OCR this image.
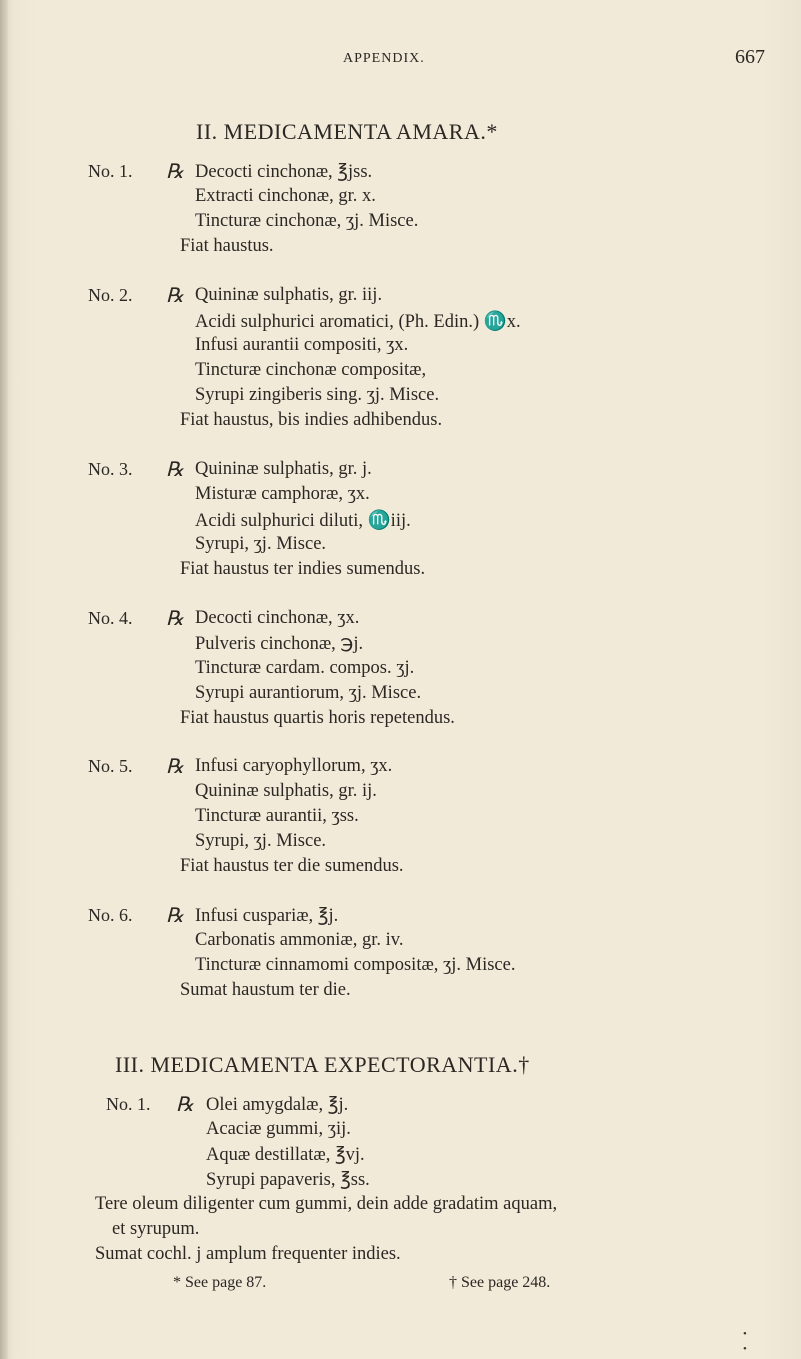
APPENDIX.	667
II. MEDICAMENTA AMARA.*
No. 1. ℞ Decocti cinchonæ, ℥jss.
Extracti cinchonæ, gr. x.
Tincturæ cinchonæ, ʒj. Misce.
Fiat haustus.
No. 2. ℞ Quininæ sulphatis, gr. iij.
Acidi sulphurici aromatici, (Ph. Edin.) ♏x.
Infusi aurantii compositi, ʒx.
Tincturæ cinchonæ compositæ,
Syrupi zingiberis sing. ʒj. Misce.
Fiat haustus, bis indies adhibendus.
No. 3. ℞ Quininæ sulphatis, gr. j.
Misturæ camphoræ, ʒx.
Acidi sulphurici diluti, ♏iij.
Syrupi, ʒj. Misce.
Fiat haustus ter indies sumendus.
No. 4. ℞ Decocti cinchonæ, ʒx.
Pulveris cinchonæ, ℈j.
Tincturæ cardam. compos. ʒj.
Syrupi aurantiorum, ʒj. Misce.
Fiat haustus quartis horis repetendus.
No. 5. ℞ Infusi caryophyllorum, ʒx.
Quininæ sulphatis, gr. ij.
Tincturæ aurantii, ʒss.
Syrupi, ʒj. Misce.
Fiat haustus ter die sumendus.
No. 6. ℞ Infusi cuspariæ, ℥j.
Carbonatis ammoniæ, gr. iv.
Tincturæ cinnamomi compositæ, ʒj. Misce.
Sumat haustum ter die.
III. MEDICAMENTA EXPECTORANTIA.†
No. 1. ℞ Olei amygdalæ, ℥j.
Acaciæ gummi, ʒij.
Aquæ destillatæ, ℥vj.
Syrupi papaveris, ℥ss.
Tere oleum diligenter cum gummi, dein adde gradatim aquam,
et syrupum.
Sumat cochl. j amplum frequenter indies.
* See page 87.	† See page 248.
•
•
